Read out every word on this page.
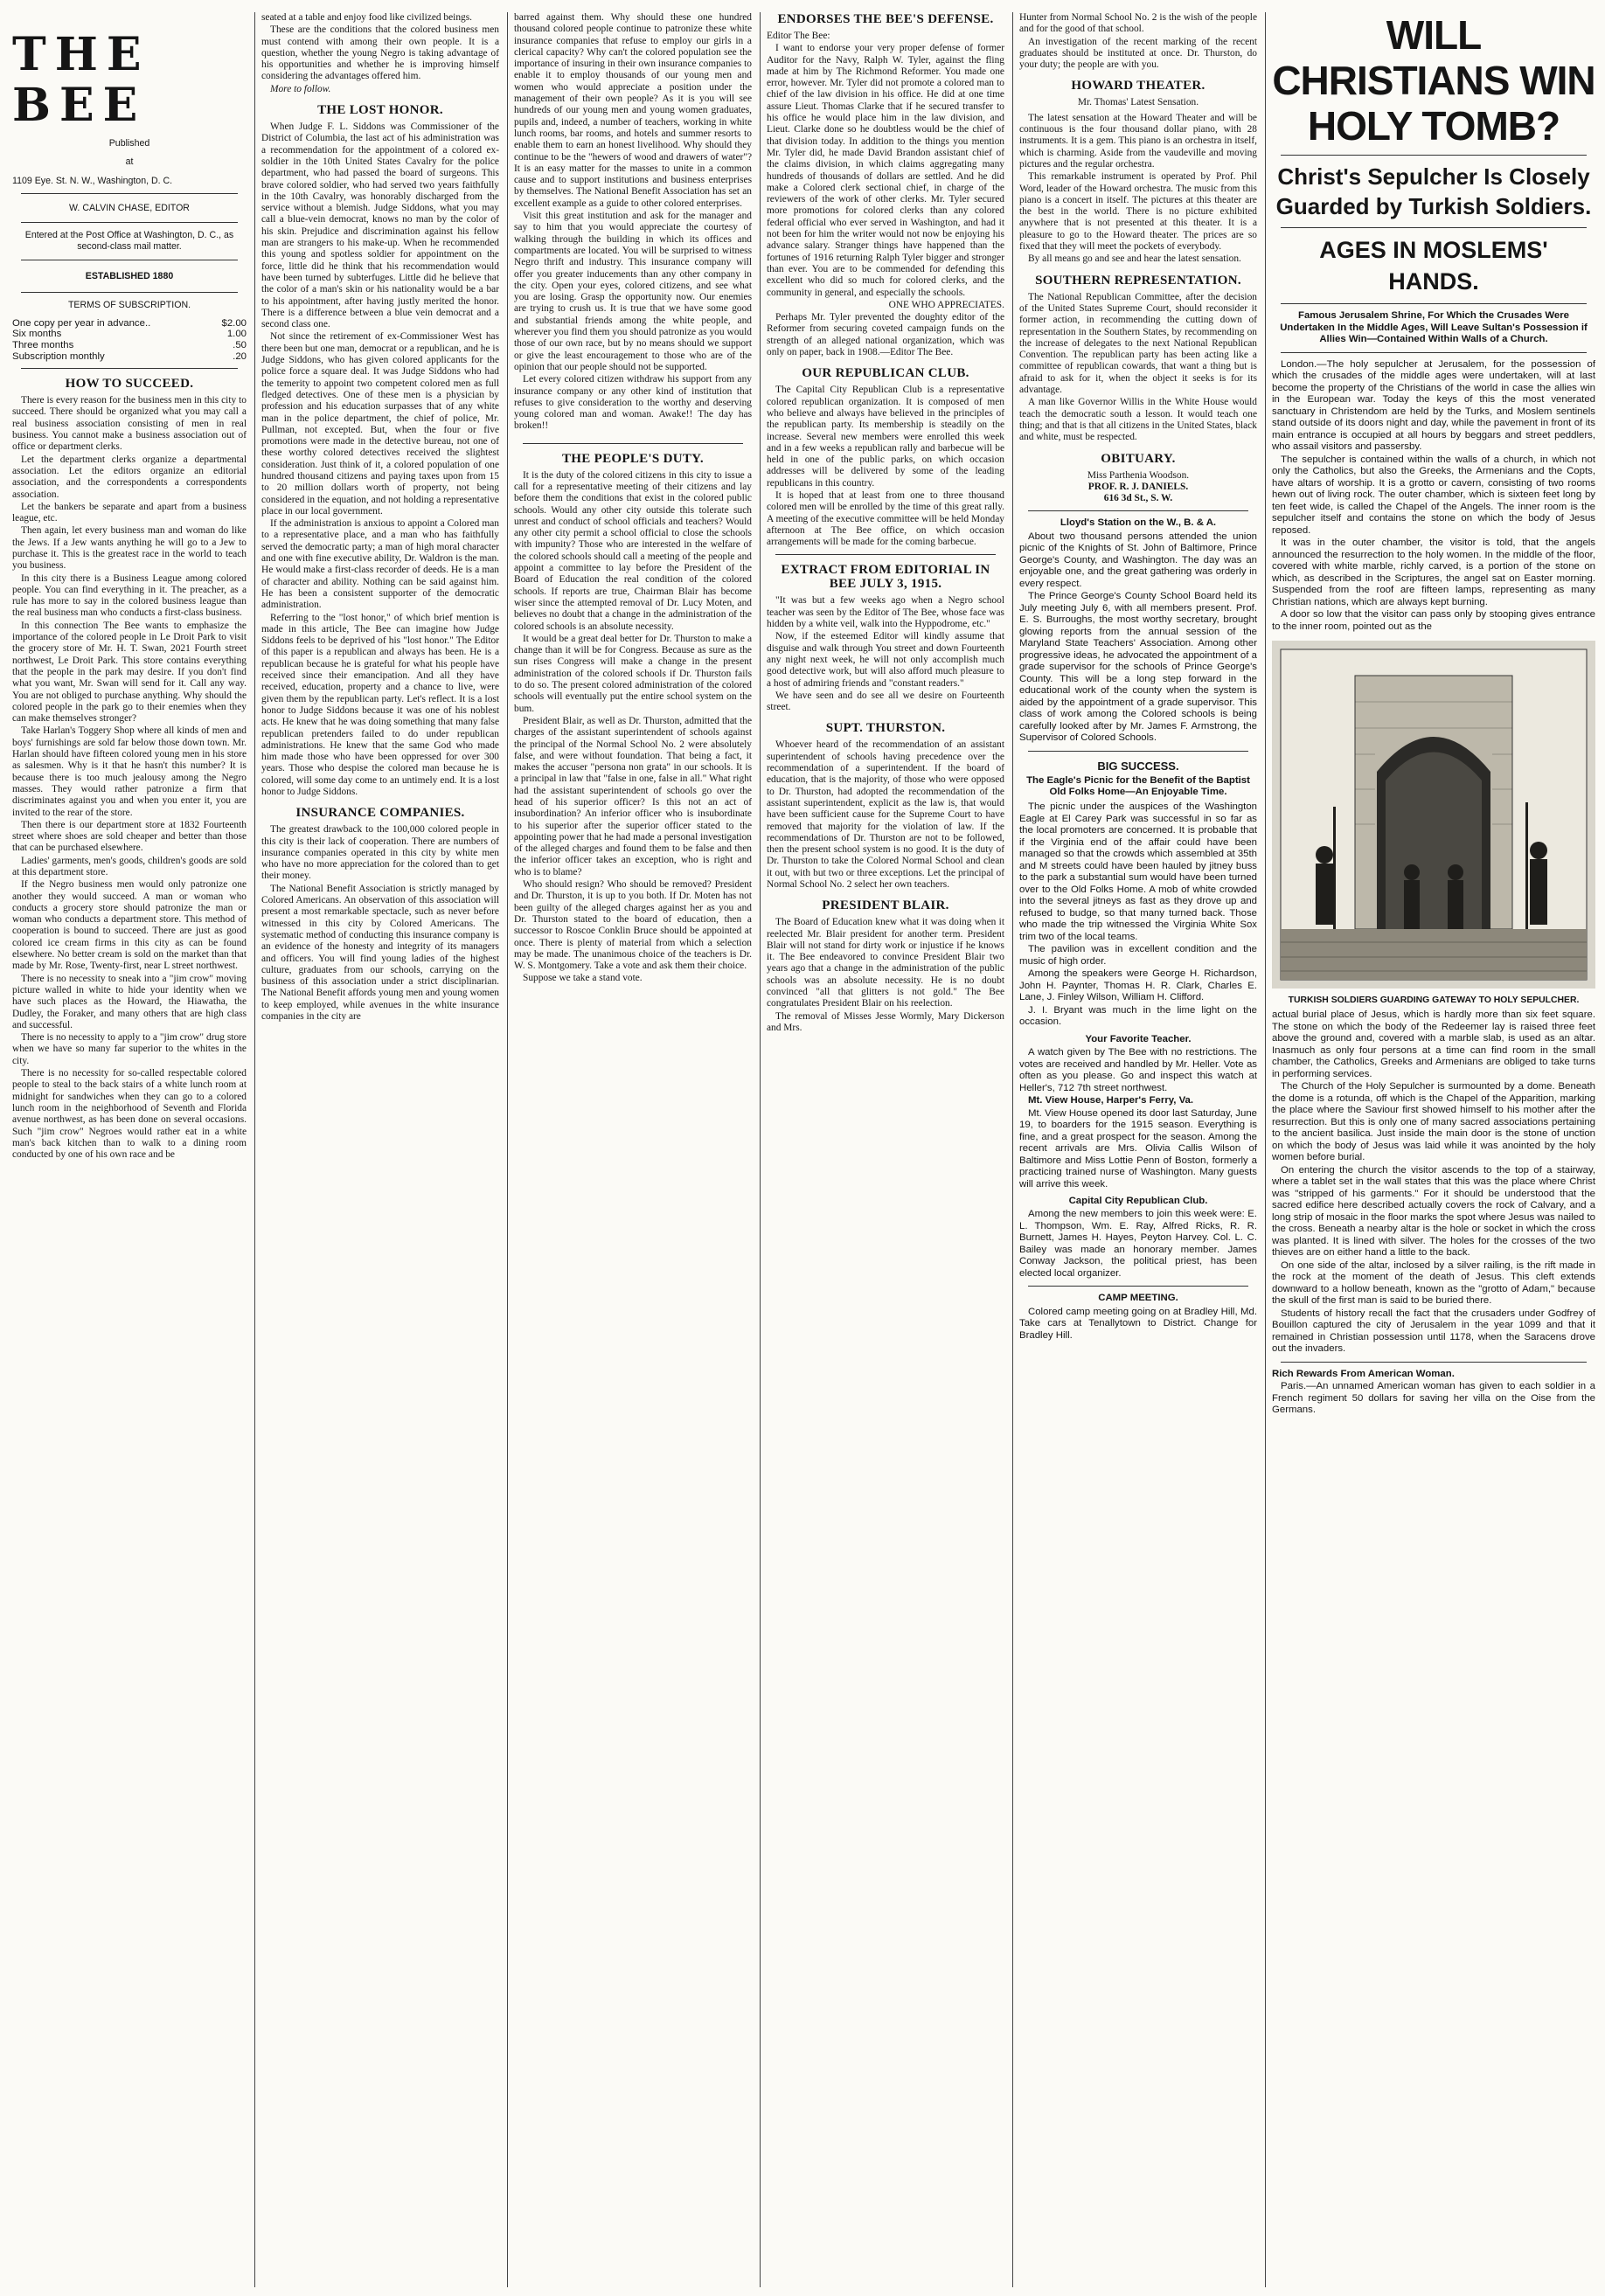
THE BEE
Published
at
1109 Eye. St. N. W., Washington, D. C.
W. CALVIN CHASE, EDITOR
Entered at the Post Office at Washington, D. C., as second-class mail matter.
ESTABLISHED 1880
TERMS OF SUBSCRIPTION.
One copy per year in advance..	$2.00
Six months	1.00
Three months	.50
Subscription monthly	.20
HOW TO SUCCEED.

There is every reason for the business men in this city to succeed. There should be organized what you may call a real business association consisting of men in real business. You cannot make a business association out of office or department clerks.

Let the department clerks organize a departmental association. Let the editors organize an editorial association, and the correspondents a correspondents association.

Let the bankers be separate and apart from a business league, etc.

Then again, let every business man and woman do like the Jews. If a Jew wants anything he will go to a Jew to purchase it. This is the greatest race in the world to teach you business.

In this city there is a Business League among colored people. You can find everything in it. The preacher, as a rule has more to say in the colored business league than the real business man who conducts a first-class business.

In this connection The Bee wants to emphasize the importance of the colored people in Le Droit Park to visit the grocery store of Mr. H. T. Swan, 2021 Fourth street northwest, Le Droit Park. This store contains everything that the people in the park may desire. If you don't find what you want, Mr. Swan will send for it. Call any way. You are not obliged to purchase anything. Why should the colored people in the park go to their enemies when they can make themselves stronger?

Take Harlan's Toggery Shop where all kinds of men and boys' furnishings are sold far below those down town. Mr. Harlan should have fifteen colored young men in his store as salesmen. Why is it that he hasn't this number? It is because there is too much jealousy among the Negro masses. They would rather patronize a firm that discriminates against you and when you enter it, you are invited to the rear of the store.

Then there is our department store at 1832 Fourteenth street where shoes are sold cheaper and better than those that can be purchased elsewhere.

Ladies' garments, men's goods, children's goods are sold at this department store.

If the Negro business men would only patronize one another they would succeed. A man or woman who conducts a grocery store should patronize the man or woman who conducts a department store. This method of cooperation is bound to succeed. There are just as good colored ice cream firms in this city as can be found elsewhere. No better cream is sold on the market than that made by Mr. Rose, Twenty-first, near L street northwest.

There is no necessity to sneak into a "jim crow" moving picture walled in white to hide your identity when we have such places as the Howard, the Hiawatha, the Dudley, the Foraker, and many others that are high class and successful.

There is no necessity to apply to a "jim crow" drug store when we have so many far superior to the whites in the city.

There is no necessity for so-called respectable colored people to steal to the back stairs of a white lunch room at midnight for sandwiches when they can go to a colored lunch room in the neighborhood of Seventh and Florida avenue northwest, as has been done on several occasions. Such "jim crow" Negroes would rather eat in a white man's back kitchen than to walk to a dining room conducted by one of his own race and be

seated at a table and enjoy food like civilized beings.

These are the conditions that the colored business men must contend with among their own people. It is a question, whether the young Negro is taking advantage of his opportunities and whether he is improving himself considering the advantages offered him.

More to follow.

THE LOST HONOR.

When Judge F. L. Siddons was Commissioner of the District of Columbia, the last act of his administration was a recommendation for the appointment of a colored ex-soldier in the 10th United States Cavalry for the police department, who had passed the board of surgeons. This brave colored soldier, who had served two years faithfully in the 10th Cavalry, was honorably discharged from the service without a blemish. Judge Siddons, what you may call a blue-vein democrat, knows no man by the color of his skin. Prejudice and discrimination against his fellow man are strangers to his make-up. When he recommended this young and spotless soldier for appointment on the force, little did he think that his recommendation would have been turned by subterfuges. Little did he believe that the color of a man's skin or his nationality would be a bar to his appointment, after having justly merited the honor. There is a difference between a blue vein democrat and a second class one.

Not since the retirement of ex-Commissioner West has there been but one man, democrat or a republican, and he is Judge Siddons, who has given colored applicants for the police force a square deal. It was Judge Siddons who had the temerity to appoint two competent colored men as full fledged detectives. One of these men is a physician by profession and his education surpasses that of any white man in the police department, the chief of police, Mr. Pullman, not excepted. But, when the four or five promotions were made in the detective bureau, not one of these worthy colored detectives received the slightest consideration. Just think of it, a colored population of one hundred thousand citizens and paying taxes upon from 15 to 20 million dollars worth of property, not being considered in the equation, and not holding a representative place in our local government.

If the administration is anxious to appoint a Colored man to a representative place, and a man who has faithfully served the democratic party; a man of high moral character and one with fine executive ability, Dr. Waldron is the man. He would make a first-class recorder of deeds. He is a man of character and ability. Nothing can be said against him. He has been a consistent supporter of the democratic administration.

Referring to the "lost honor," of which brief mention is made in this article, The Bee can imagine how Judge Siddons feels to be deprived of his "lost honor." The Editor of this paper is a republican and always has been. He is a republican because he is grateful for what his people have received since their emancipation. And all they have received, education, property and a chance to live, were given them by the republican party. Let's reflect. It is a lost honor to Judge Siddons because it was one of his noblest acts. He knew that he was doing something that many false republican pretenders failed to do under republican administrations. He knew that the same God who made him made those who have been oppressed for over 300 years. Those who despise the colored man because he is colored, will some day come to an untimely end. It is a lost honor to Judge Siddons.

INSURANCE COMPANIES.

The greatest drawback to the 100,000 colored people in this city is their lack of cooperation. There are numbers of insurance companies operated in this city by white men who have no more appreciation for the colored than to get their money.

The National Benefit Association is strictly managed by Colored Americans. An observation of this association will present a most remarkable spectacle, such as never before witnessed in this city by Colored Americans. The systematic method of conducting this insurance company is an evidence of the honesty and integrity of its managers and officers. You will find young ladies of the highest culture, graduates from our schools, carrying on the business of this association under a strict disciplinarian. The National Benefit affords young men and young women to keep employed, while avenues in the white insurance companies in the city are

barred against them. Why should these one hundred thousand colored people continue to patronize these white insurance companies that refuse to employ our girls in a clerical capacity? Why can't the colored population see the importance of insuring in their own insurance companies to enable it to employ thousands of our young men and women who would appreciate a position under the management of their own people? As it is you will see hundreds of our young men and young women graduates, pupils and, indeed, a number of teachers, working in white lunch rooms, bar rooms, and hotels and summer resorts to enable them to earn an honest livelihood. Why should they continue to be the "hewers of wood and drawers of water"? It is an easy matter for the masses to unite in a common cause and to support institutions and business enterprises by themselves. The National Benefit Association has set an excellent example as a guide to other colored enterprises.

Visit this great institution and ask for the manager and say to him that you would appreciate the courtesy of walking through the building in which its offices and compartments are located. You will be surprised to witness Negro thrift and industry. This insurance company will offer you greater inducements than any other company in the city. Open your eyes, colored citizens, and see what you are losing. Grasp the opportunity now. Our enemies are trying to crush us. It is true that we have some good and substantial friends among the white people, and wherever you find them you should patronize as you would those of our own race, but by no means should we support or give the least encouragement to those who are of the opinion that our people should not be supported.

Let every colored citizen withdraw his support from any insurance company or any other kind of institution that refuses to give consideration to the worthy and deserving young colored man and woman. Awake!! The day has broken!!

THE PEOPLE'S DUTY.

It is the duty of the colored citizens in this city to issue a call for a representative meeting of their citizens and lay before them the conditions that exist in the colored public schools. Would any other city outside this tolerate such unrest and conduct of school officials and teachers? Would any other city permit a school official to close the schools with impunity? Those who are interested in the welfare of the colored schools should call a meeting of the people and appoint a committee to lay before the President of the Board of Education the real condition of the colored schools. If reports are true, Chairman Blair has become wiser since the attempted removal of Dr. Lucy Moten, and believes no doubt that a change in the administration of the colored schools is an absolute necessity.

It would be a great deal better for Dr. Thurston to make a change than it will be for Congress. Because as sure as the sun rises Congress will make a change in the present administration of the colored schools if Dr. Thurston fails to do so. The present colored administration of the colored schools will eventually put the entire school system on the bum.

President Blair, as well as Dr. Thurston, admitted that the charges of the assistant superintendent of schools against the principal of the Normal School No. 2 were absolutely false, and were without foundation. That being a fact, it makes the accuser "persona non grata" in our schools. It is a principal in law that "false in one, false in all." What right had the assistant superintendent of schools go over the head of his superior officer? Is this not an act of insubordination? An inferior officer who is insubordinate to his superior after the superior officer stated to the appointing power that he had made a personal investigation of the alleged charges and found them to be false and then the inferior officer takes an exception, who is right and who is to blame?

Who should resign? Who should be removed? President and Dr. Thurston, it is up to you both. If Dr. Moten has not been guilty of the alleged charges against her as you and Dr. Thurston stated to the board of education, then a successor to Roscoe Conklin Bruce should be appointed at once. There is plenty of material from which a selection may be made. The unanimous choice of the teachers is Dr. W. S. Montgomery. Take a vote and ask them their choice.

Suppose we take a stand vote.

ENDORSES THE BEE'S DEFENSE.

Editor The Bee:

I want to endorse your very proper defense of former Auditor for the Navy, Ralph W. Tyler, against the fling made at him by The Richmond Reformer. You made one error, however. Mr. Tyler did not promote a colored man to chief of the law division in his office. He did at one time assure Lieut. Thomas Clarke that if he secured transfer to his office he would place him in the law division, and Lieut. Clarke done so he doubtless would be the chief of that division today. In addition to the things you mention Mr. Tyler did, he made David Brandon assistant chief of the claims division, in which claims aggregating many hundreds of thousands of dollars are settled. And he did make a Colored clerk sectional chief, in charge of the reviewers of the work of other clerks. Mr. Tyler secured more promotions for colored clerks than any colored federal official who ever served in Washington, and had it not been for him the writer would not now be enjoying his advance salary. Stranger things have happened than the fortunes of 1916 returning Ralph Tyler bigger and stronger than ever. You are to be commended for defending this excellent who did so much for colored clerks, and the community in general, and especially the schools.

ONE WHO APPRECIATES.

Perhaps Mr. Tyler prevented the doughty editor of the Reformer from securing coveted campaign funds on the strength of an alleged national organization, which was only on paper, back in 1908.—Editor The Bee.

OUR REPUBLICAN CLUB.

The Capital City Republican Club is a representative colored republican organization. It is composed of men who believe and always have believed in the principles of the republican party. Its membership is steadily on the increase. Several new members were enrolled this week and in a few weeks a republican rally and barbecue will be held in one of the public parks, on which occasion addresses will be delivered by some of the leading republicans in this country.

It is hoped that at least from one to three thousand colored men will be enrolled by the time of this great rally. A meeting of the executive committee will be held Monday afternoon at The Bee office, on which occasion arrangements will be made for the coming barbecue.

EXTRACT FROM EDITORIAL IN BEE JULY 3, 1915.

"It was but a few weeks ago when a Negro school teacher was seen by the Editor of The Bee, whose face was hidden by a white veil, walk into the Hyppodrome, etc."

Now, if the esteemed Editor will kindly assume that disguise and walk through You street and down Fourteenth any night next week, he will not only accomplish much good detective work, but will also afford much pleasure to a host of admiring friends and "constant readers."

We have seen and do see all we desire on Fourteenth street.

SUPT. THURSTON.

Whoever heard of the recommendation of an assistant superintendent of schools having precedence over the recommendation of a superintendent. If the board of education, that is the majority, of those who were opposed to Dr. Thurston, had adopted the recommendation of the assistant superintendent, explicit as the law is, that would have been sufficient cause for the Supreme Court to have removed that majority for the violation of law. If the recommendations of Dr. Thurston are not to be followed, then the present school system is no good. It is the duty of Dr. Thurston to take the Colored Normal School and clean it out, with but two or three exceptions. Let the principal of Normal School No. 2 select her own teachers.

PRESIDENT BLAIR.

The Board of Education knew what it was doing when it reelected Mr. Blair president for another term. President Blair will not stand for dirty work or injustice if he knows it. The Bee endeavored to convince President Blair two years ago that a change in the administration of the public schools was an absolute necessity. He is no doubt convinced "all that glitters is not gold." The Bee congratulates President Blair on his reelection.

The removal of Misses Jesse Wormly, Mary Dickerson and Mrs.

Hunter from Normal School No. 2 is the wish of the people and for the good of that school.

An investigation of the recent marking of the recent graduates should be instituted at once. Dr. Thurston, do your duty; the people are with you.

HOWARD THEATER.
Mr. Thomas' Latest Sensation.

The latest sensation at the Howard Theater and will be continuous is the four thousand dollar piano, with 28 instruments. It is a gem. This piano is an orchestra in itself, which is charming. Aside from the vaudeville and moving pictures and the regular orchestra.

This remarkable instrument is operated by Prof. Phil Word, leader of the Howard orchestra. The music from this piano is a concert in itself. The pictures at this theater are the best in the world. There is no picture exhibited anywhere that is not presented at this theater. It is a pleasure to go to the Howard theater. The prices are so fixed that they will meet the pockets of everybody.

By all means go and see and hear the latest sensation.

SOUTHERN REPRESENTATION.

The National Republican Committee, after the decision of the United States Supreme Court, should reconsider it former action, in recommending the cutting down of representation in the Southern States, by recommending on the increase of delegates to the next National Republican Convention. The republican party has been acting like a committee of republican cowards, that want a thing but is afraid to ask for it, when the object it seeks is for its advantage.

A man like Governor Willis in the White House would teach the democratic south a lesson. It would teach one thing; and that is that all citizens in the United States, black and white, must be respected.

OBITUARY.
Miss Parthenia Woodson.
PROF. R. J. DANIELS.
616 3d St., S. W.
Lloyd's Station on the W., B. & A.

About two thousand persons attended the union picnic of the Knights of St. John of Baltimore, Prince George's County, and Washington. The day was an enjoyable one, and the great gathering was orderly in every respect.

The Prince George's County School Board held its July meeting July 6, with all members present. Prof. E. S. Burroughs, the most worthy secretary, brought glowing reports from the annual session of the Maryland State Teachers' Association. Among other progressive ideas, he advocated the appointment of a grade supervisor for the schools of Prince George's County. This will be a long step forward in the educational work of the county when the system is aided by the appointment of a grade supervisor. This class of work among the Colored schools is being carefully looked after by Mr. James F. Armstrong, the Supervisor of Colored Schools.

BIG SUCCESS.
The Eagle's Picnic for the Benefit of the Baptist Old Folks Home—An Enjoyable Time.

The picnic under the auspices of the Washington Eagle at El Carey Park was successful in so far as the local promoters are concerned. It is probable that if the Virginia end of the affair could have been managed so that the crowds which assembled at 35th and M streets could have been hauled by jitney buss to the park a substantial sum would have been turned over to the Old Folks Home. A mob of white crowded into the several jitneys as fast as they drove up and refused to budge, so that many turned back. Those who made the trip witnessed the Virginia White Sox trim two of the local teams.

The pavilion was in excellent condition and the music of high order.

Among the speakers were George H. Richardson, John H. Paynter, Thomas H. R. Clark, Charles E. Lane, J. Finley Wilson, William H. Clifford.

J. I. Bryant was much in the lime light on the occasion.

Your Favorite Teacher.

A watch given by The Bee with no restrictions. The votes are received and handled by Mr. Heller. Vote as often as you please. Go and inspect this watch at Heller's, 712 7th street northwest.

Mt. View House, Harper's Ferry, Va.

Mt. View House opened its door last Saturday, June 19, to boarders for the 1915 season. Everything is fine, and a great prospect for the season. Among the recent arrivals are Mrs. Olivia Callis Wilson of Baltimore and Miss Lottie Penn of Boston, formerly a practicing trained nurse of Washington. Many guests will arrive this week.

Capital City Republican Club.

Among the new members to join this week were: E. L. Thompson, Wm. E. Ray, Alfred Ricks, R. R. Burnett, James H. Hayes, Peyton Harvey. Col. L. C. Bailey was made an honorary member. James Conway Jackson, the political priest, has been elected local organizer.

CAMP MEETING.

Colored camp meeting going on at Bradley Hill, Md. Take cars at Tenallytown to District. Change for Bradley Hill.

WILL CHRISTIANS WIN HOLY TOMB?
Christ's Sepulcher Is Closely Guarded by Turkish Soldiers.
AGES IN MOSLEMS' HANDS.
Famous Jerusalem Shrine, For Which the Crusades Were Undertaken In the Middle Ages, Will Leave Sultan's Possession if Allies Win—Contained Within Walls of a Church.

London.—The holy sepulcher at Jerusalem, for the possession of which the crusades of the middle ages were undertaken, will at last become the property of the Christians of the world in case the allies win in the European war. Today the keys of this the most venerated sanctuary in Christendom are held by the Turks, and Moslem sentinels stand outside of its doors night and day, while the pavement in front of its main entrance is occupied at all hours by beggars and street peddlers, who assail visitors and passersby.

The sepulcher is contained within the walls of a church, in which not only the Catholics, but also the Greeks, the Armenians and the Copts, have altars of worship. It is a grotto or cavern, consisting of two rooms hewn out of living rock. The outer chamber, which is sixteen feet long by ten feet wide, is called the Chapel of the Angels. The inner room is the sepulcher itself and contains the stone on which the body of Jesus reposed.

It was in the outer chamber, the visitor is told, that the angels announced the resurrection to the holy women. In the middle of the floor, covered with white marble, richly carved, is a portion of the stone on which, as described in the Scriptures, the angel sat on Easter morning. Suspended from the roof are fifteen lamps, representing as many Christian nations, which are always kept burning.

A door so low that the visitor can pass only by stooping gives entrance to the inner room, pointed out as the

TURKISH SOLDIERS GUARDING GATEWAY TO HOLY SEPULCHER.

actual burial place of Jesus, which is hardly more than six feet square. The stone on which the body of the Redeemer lay is raised three feet above the ground and, covered with a marble slab, is used as an altar. Inasmuch as only four persons at a time can find room in the small chamber, the Catholics, Greeks and Armenians are obliged to take turns in performing services.

The Church of the Holy Sepulcher is surmounted by a dome. Beneath the dome is a rotunda, off which is the Chapel of the Apparition, marking the place where the Saviour first showed himself to his mother after the resurrection. But this is only one of many sacred associations pertaining to the ancient basilica. Just inside the main door is the stone of unction on which the body of Jesus was laid while it was anointed by the holy women before burial.

On entering the church the visitor ascends to the top of a stairway, where a tablet set in the wall states that this was the place where Christ was "stripped of his garments." For it should be understood that the sacred edifice here described actually covers the rock of Calvary, and a long strip of mosaic in the floor marks the spot where Jesus was nailed to the cross. Beneath a nearby altar is the hole or socket in which the cross was planted. It is lined with silver. The holes for the crosses of the two thieves are on either hand a little to the back.

On one side of the altar, inclosed by a silver railing, is the rift made in the rock at the moment of the death of Jesus. This cleft extends downward to a hollow beneath, known as the "grotto of Adam," because the skull of the first man is said to be buried there.

Students of history recall the fact that the crusaders under Godfrey of Bouillon captured the city of Jerusalem in the year 1099 and that it remained in Christian possession until 1178, when the Saracens drove out the invaders.

Rich Rewards From American Woman.

Paris.—An unnamed American woman has given to each soldier in a French regiment 50 dollars for saving her villa on the Oise from the Germans.
